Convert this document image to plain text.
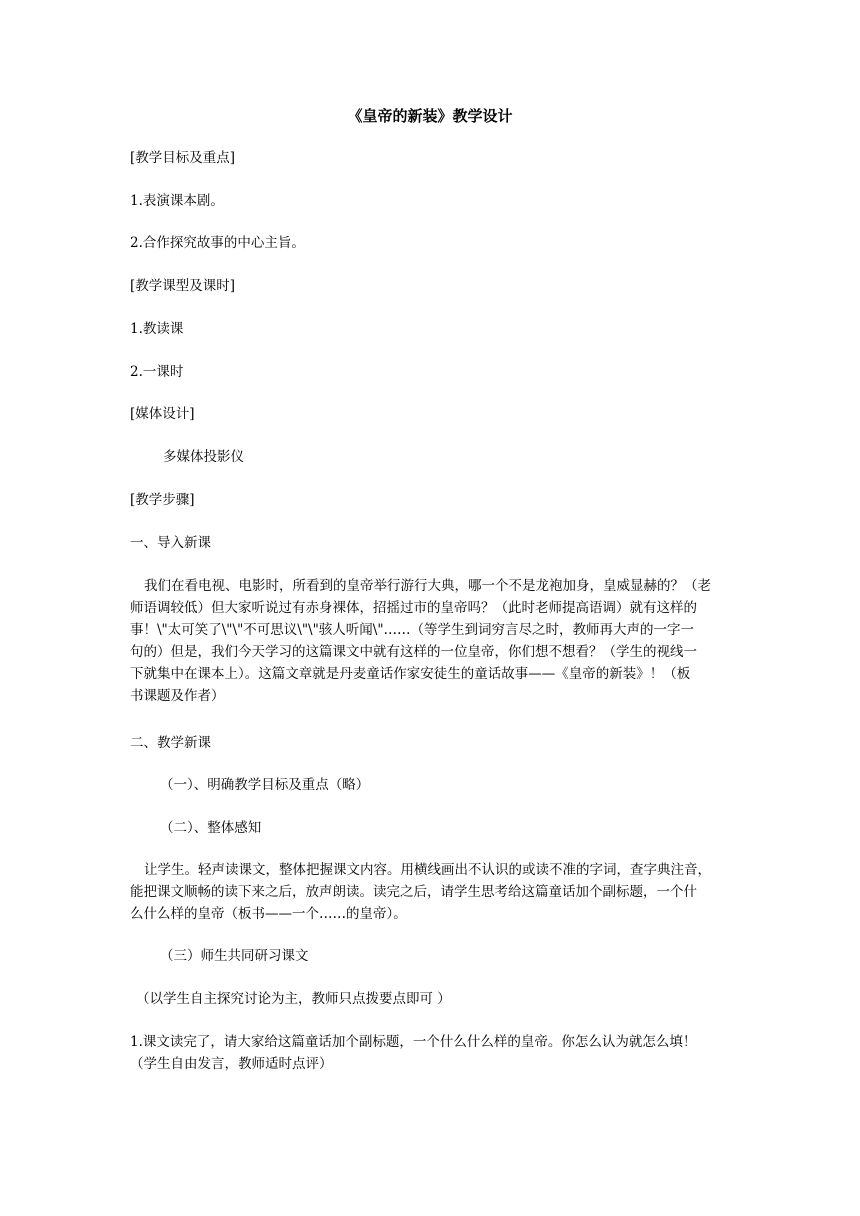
《皇帝的新装》教学设计
[教学目标及重点]
1.表演课本剧。
2.合作探究故事的中心主旨。
[教学课型及课时]
1.教读课
2.一课时
[媒体设计]
多媒体投影仪
[教学步骤]
一、导入新课
我们在看电视、电影时，所看到的皇帝举行游行大典，哪一个不是龙袍加身，皇威显赫的？（老
师语调较低）但大家听说过有赤身裸体，招摇过市的皇帝吗？（此时老师提高语调）就有这样的
事！\"太可笑了\"\"不可思议\"\"骇人听闻\"……（等学生到词穷言尽之时，教师再大声的一字一
句的）但是，我们今天学习的这篇课文中就有这样的一位皇帝，你们想不想看？（学生的视线一
下就集中在课本上）。这篇文章就是丹麦童话作家安徒生的童话故事——《皇帝的新装》！（板
书课题及作者）
二、教学新课
（一）、明确教学目标及重点（略）
（二）、整体感知
让学生。轻声读课文，整体把握课文内容。用横线画出不认识的或读不准的字词，查字典注音，
能把课文顺畅的读下来之后，放声朗读。读完之后，请学生思考给这篇童话加个副标题，一个什
么什么样的皇帝（板书——一个……的皇帝）。
（三）师生共同研习课文
（以学生自主探究讨论为主，教师只点拨要点即可 ）
1.课文读完了，请大家给这篇童话加个副标题，一个什么什么样的皇帝。你怎么认为就怎么填！
（学生自由发言，教师适时点评）
